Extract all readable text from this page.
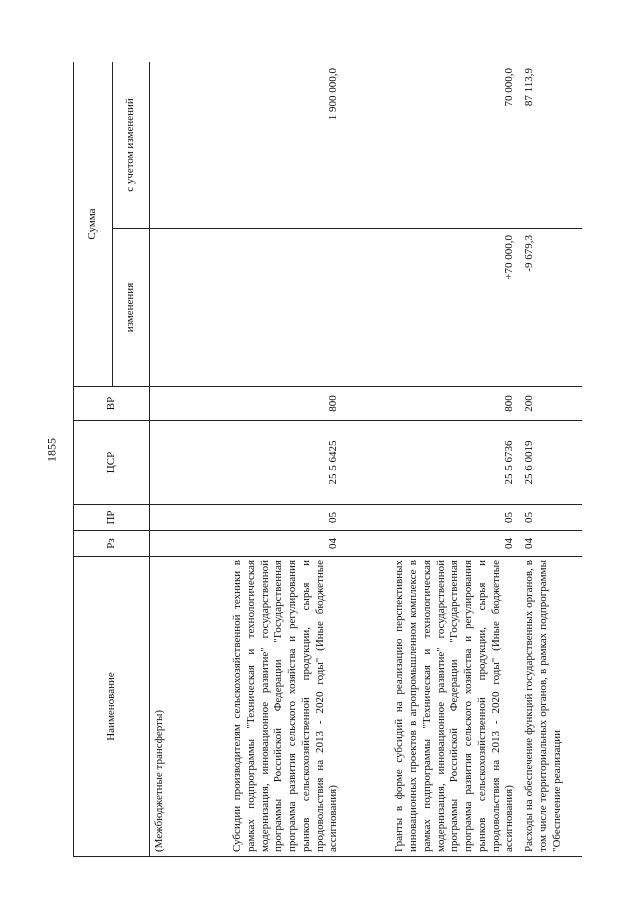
1855
Наименование	Рз	ПР	ЦСР	ВР	Сумма	
					изменения	с учетом изменений
(Межбюджетные трансферты)						
Субсидии производителям сельскохозяйственной техники в рамках подпрограммы "Техническая и технологическая модернизация, инновационное развитие" государственной программы Российской Федерации "Государственная программа развития сельского хозяйства и регулирования рынков сельскохозяйственной продукции, сырья и продовольствия на 2013 - 2020 годы" (Иные бюджетные ассигнования)	04	05	25 5 6425	800		1 900 000,0
Гранты в форме субсидий на реализацию перспективных инновационных проектов в агропромышленном комплексе в рамках подпрограммы "Техническая и технологическая модернизация, инновационное развитие" государственной программы Российской Федерации "Государственная программа развития сельского хозяйства и регулирования рынков сельскохозяйственной продукции, сырья и продовольствия на 2013 - 2020 годы" (Иные бюджетные ассигнования)	04	05	25 5 6736	800	+70 000,0	70 000,0
Расходы на обеспечение функций государственных органов, в том числе территориальных органов, в рамках подпрограммы "Обеспечение реализации	04	05	25 6 0019	200	-9 679,3	87 113,9
